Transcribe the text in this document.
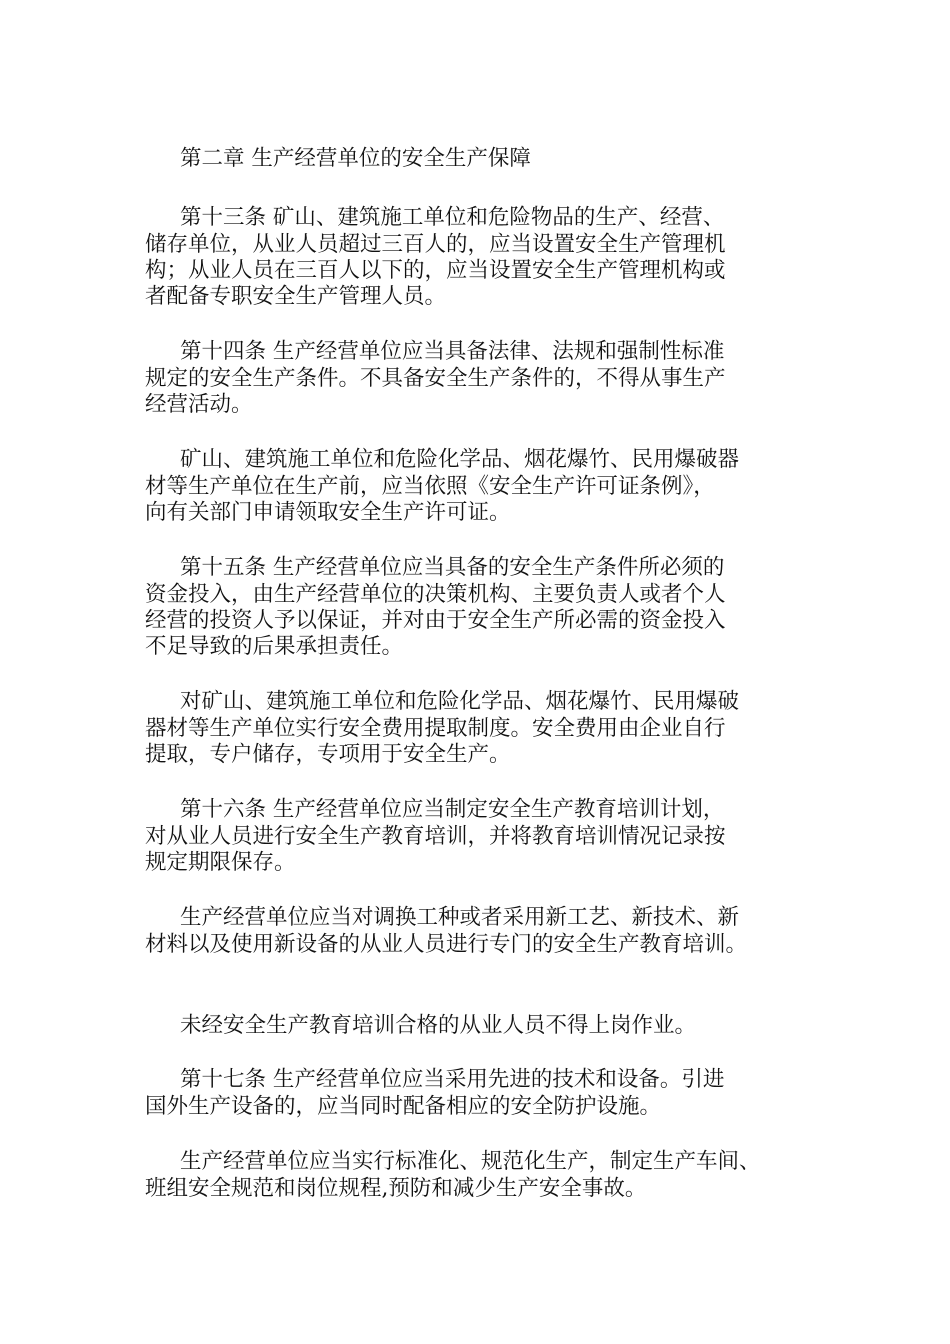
第二章 生产经营单位的安全生产保障
第十三条 矿山、建筑施工单位和危险物品的生产、经营、
储存单位，从业人员超过三百人的，应当设置安全生产管理机
构；从业人员在三百人以下的，应当设置安全生产管理机构或
者配备专职安全生产管理人员。
第十四条 生产经营单位应当具备法律、法规和强制性标准
规定的安全生产条件。不具备安全生产条件的，不得从事生产
经营活动。
矿山、建筑施工单位和危险化学品、烟花爆竹、民用爆破器
材等生产单位在生产前，应当依照《安全生产许可证条例》，
向有关部门申请领取安全生产许可证。
第十五条 生产经营单位应当具备的安全生产条件所必须的
资金投入，由生产经营单位的决策机构、主要负责人或者个人
经营的投资人予以保证，并对由于安全生产所必需的资金投入
不足导致的后果承担责任。
对矿山、建筑施工单位和危险化学品、烟花爆竹、民用爆破
器材等生产单位实行安全费用提取制度。安全费用由企业自行
提取，专户储存，专项用于安全生产。
第十六条 生产经营单位应当制定安全生产教育培训计划，
对从业人员进行安全生产教育培训，并将教育培训情况记录按
规定期限保存。
生产经营单位应当对调换工种或者采用新工艺、新技术、新
材料以及使用新设备的从业人员进行专门的安全生产教育培训。
未经安全生产教育培训合格的从业人员不得上岗作业。
第十七条 生产经营单位应当采用先进的技术和设备。引进
国外生产设备的，应当同时配备相应的安全防护设施。
生产经营单位应当实行标准化、规范化生产，制定生产车间、
班组安全规范和岗位规程,预防和减少生产安全事故。
